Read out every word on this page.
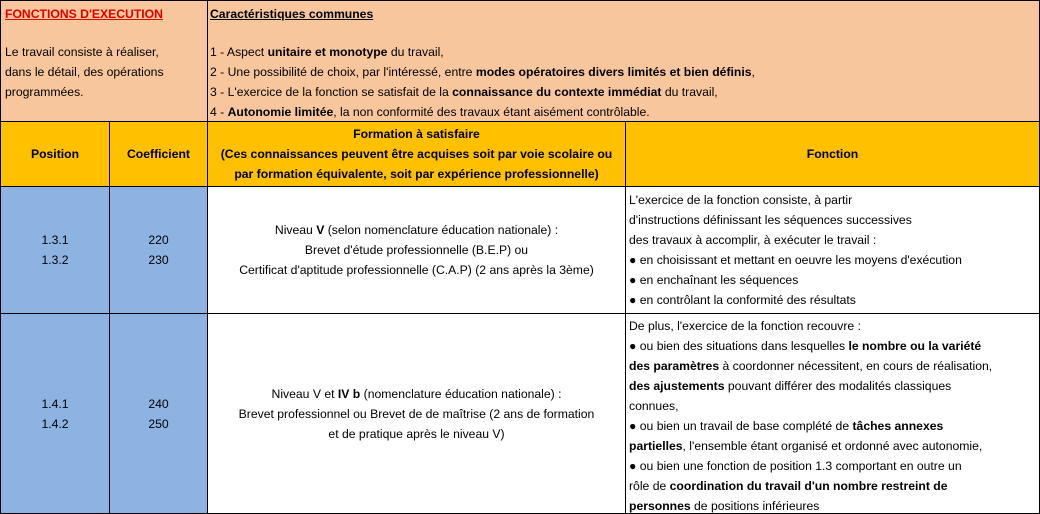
FONCTIONS D'EXECUTION
Le travail consiste à réaliser,
dans le détail, des opérations
programmées.
Caractéristiques communes
1 - Aspect unitaire et monotype du travail,
2 - Une possibilité de choix, par l'intéressé, entre modes opératoires divers limités et bien définis,
3 - L'exercice de la fonction se satisfait de la connaissance du contexte immédiat du travail,
4 - Autonomie limitée, la non conformité des travaux étant aisément contrôlable.
Position	Coefficient
Formation à satisfaire
(Ces connaissances peuvent être acquises soit par voie scolaire ou
par formation équivalente, soit par expérience professionnelle)
Fonction
1.3.1
1.3.2
220
230
Niveau V (selon nomenclature éducation nationale) :
Brevet d'étude professionnelle (B.E.P) ou
Certificat d'aptitude professionnelle (C.A.P) (2 ans après la 3ème)
L'exercice de la fonction consiste, à partir
d'instructions définissant les séquences successives
des travaux à accomplir, à exécuter le travail :
● en choisissant et mettant en oeuvre les moyens d'exécution
● en enchaînant les séquences
● en contrôlant la conformité des résultats
1.4.1
1.4.2
240
250
Niveau V et IV b (nomenclature éducation nationale) :
Brevet professionnel ou Brevet de de maîtrise (2 ans de formation
et de pratique après le niveau V)
De plus, l'exercice de la fonction recouvre :
● ou bien des situations dans lesquelles le nombre ou la variété
des paramètres à coordonner nécessitent, en cours de réalisation,
des ajustements pouvant différer des modalités classiques
connues,
● ou bien un travail de base complété de tâches annexes
partielles, l'ensemble étant organisé et ordonné avec autonomie,
● ou bien une fonction de position 1.3 comportant en outre un
rôle de coordination du travail d'un nombre restreint de
personnes de positions inférieures
